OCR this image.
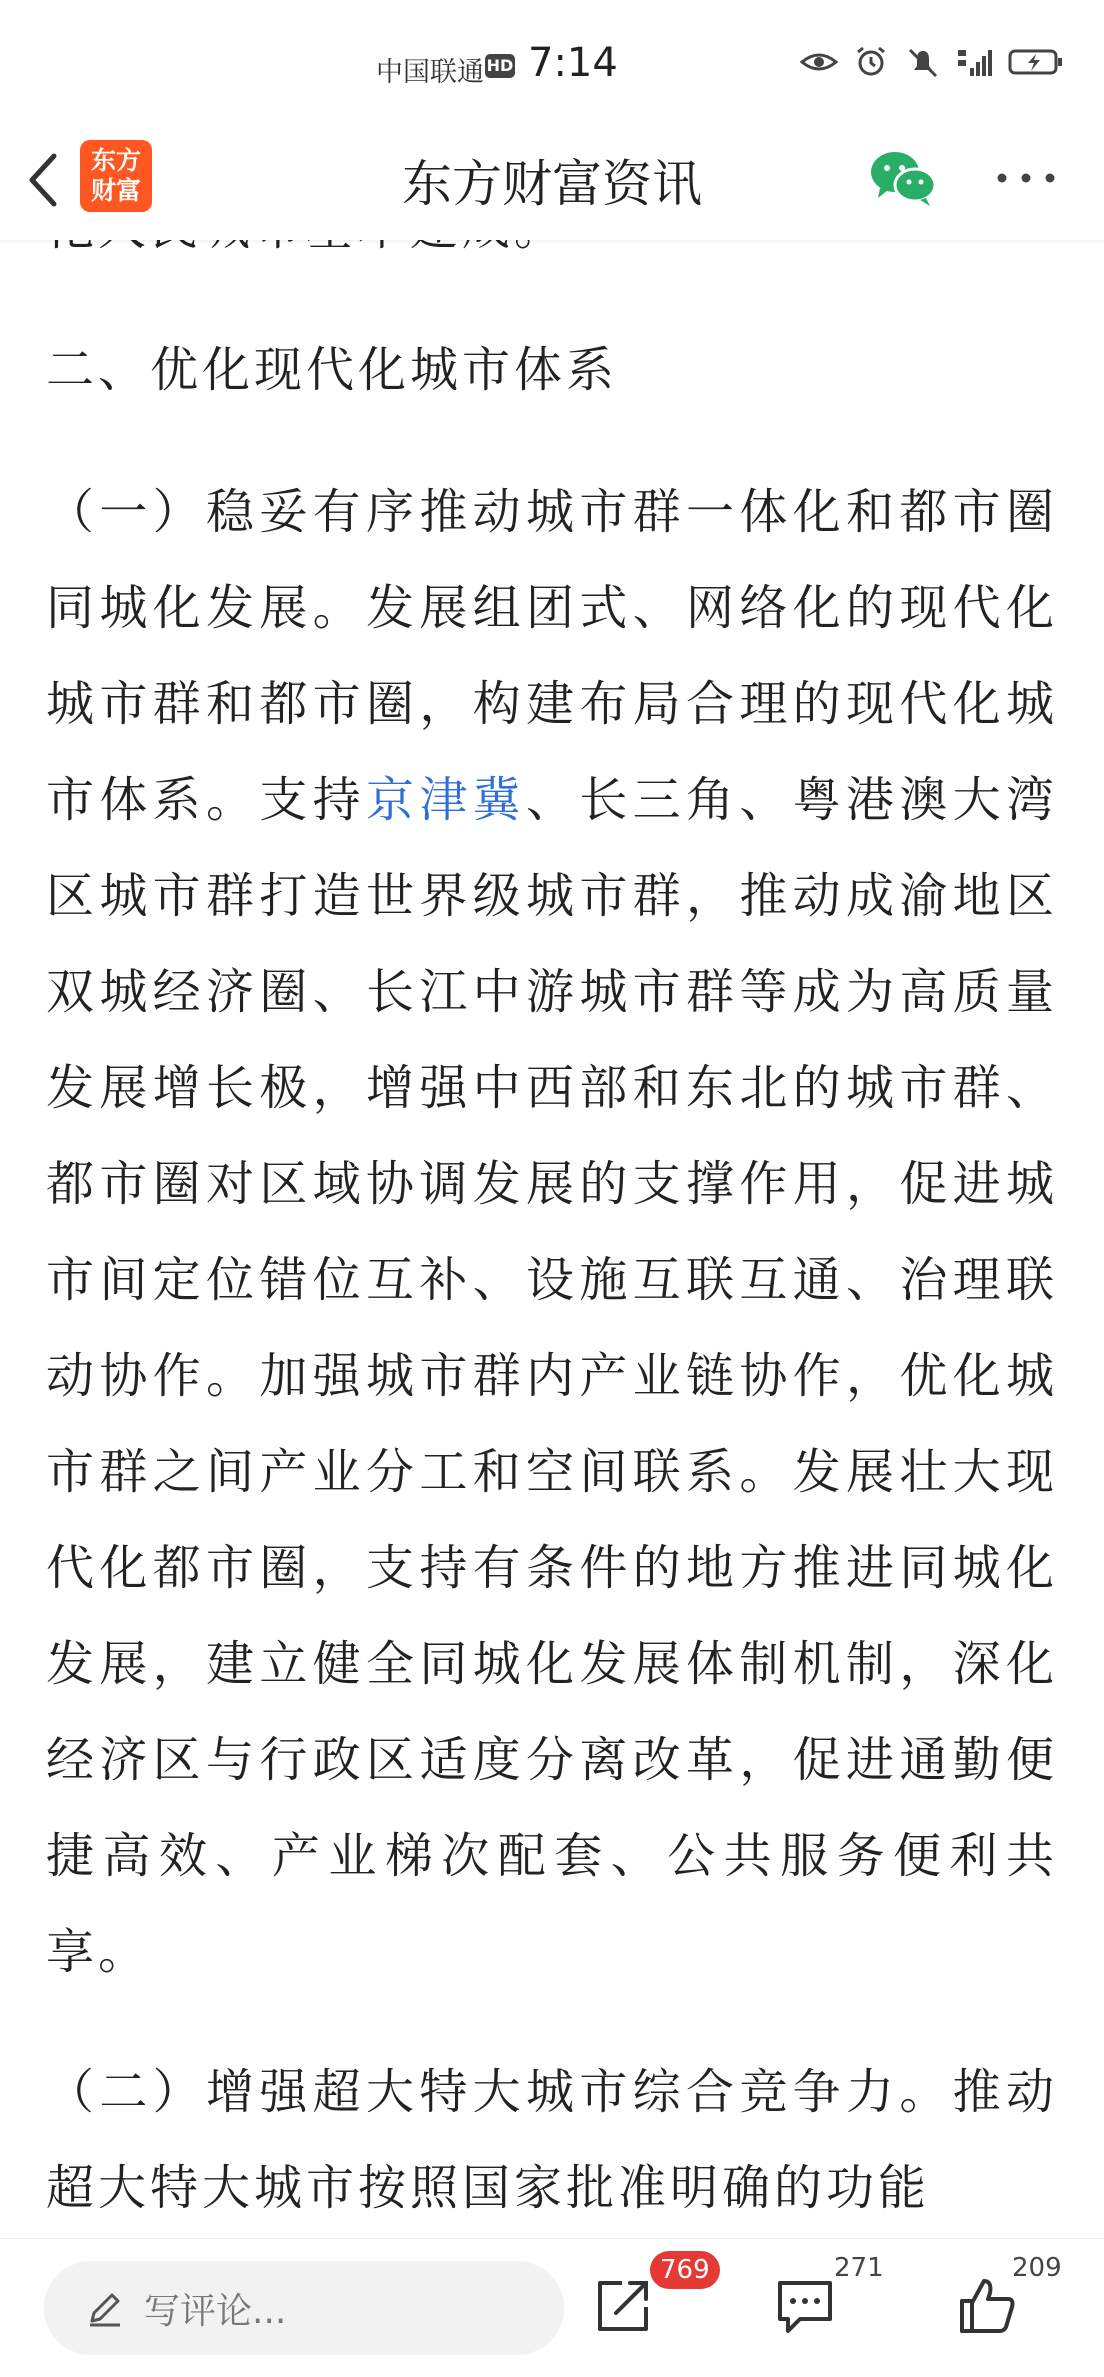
中国联通 HD 7:14
东方
财富	东方财富资讯

二、优化现代化城市体系

（一）稳妥有序推动城市群一体化和都市圈同城化发展。发展组团式、网络化的现代化城市群和都市圈，构建布局合理的现代化城市体系。支持京津冀、长三角、粤港澳大湾区城市群打造世界级城市群，推动成渝地区双城经济圈、长江中游城市群等成为高质量发展增长极，增强中西部和东北的城市群、都市圈对区域协调发展的支撑作用，促进城市间定位错位互补、设施互联互通、治理联动协作。加强城市群内产业链协作，优化城市群之间产业分工和空间联系。发展壮大现代化都市圈，支持有条件的地方推进同城化发展，建立健全同城化发展体制机制，深化经济区与行政区适度分离改革，促进通勤便捷高效、产业梯次配套、公共服务便利共享。

（二）增强超大特大城市综合竞争力。推动超大特大城市按照国家批准明确的功能

写评论...
769	271	209
